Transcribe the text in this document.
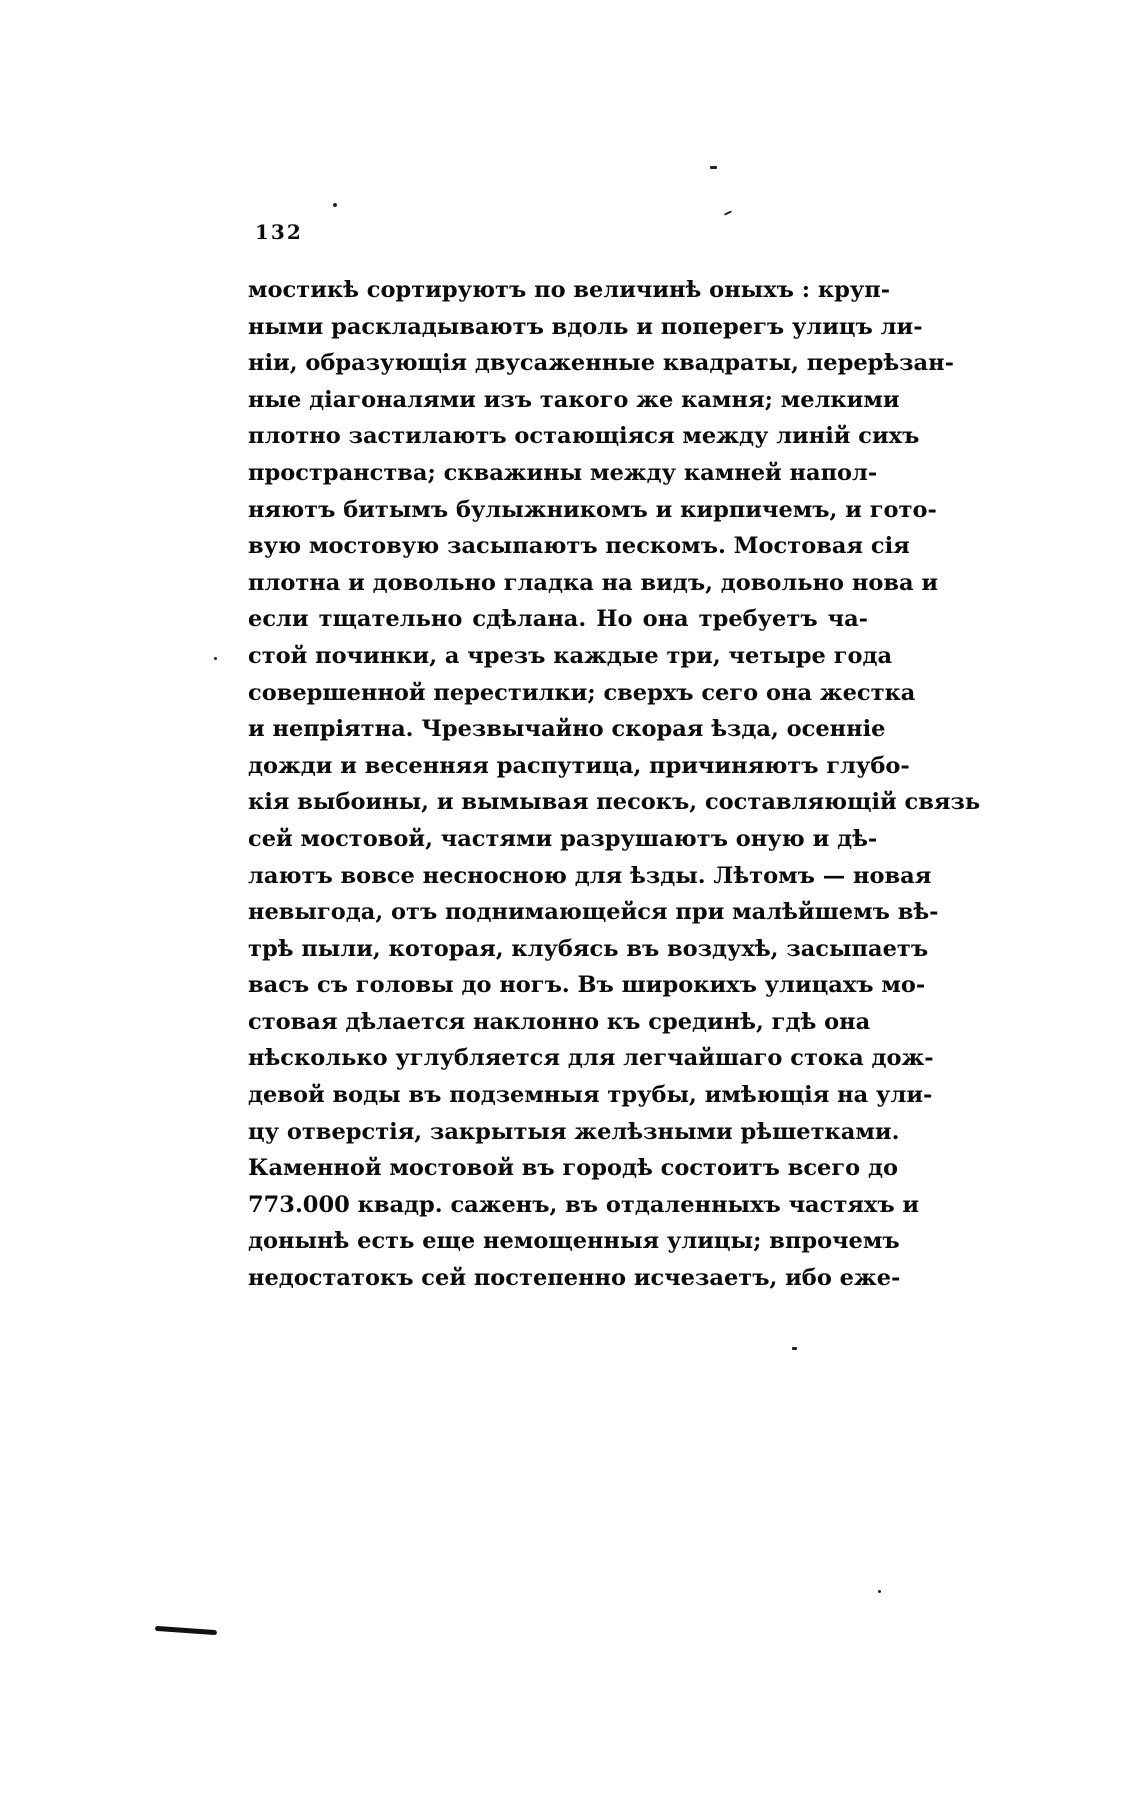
132
мостикѣ сортируютъ по величинѣ оныхъ : круп-
ными раскладываютъ вдоль и поперегъ улицъ ли-
ніи, образующія двусаженные квадраты, перерѣзан-
ные діагоналями изъ такого же камня; мелкими
плотно застилаютъ остающіяся между линій сихъ
пространства; скважины между камней напол-
няютъ битымъ булыжникомъ и кирпичемъ, и гото-
вую мостовую засыпаютъ пескомъ. Мостовая сія
плотна и довольно гладка на видъ, довольно нова и
если тщательно сдѣлана. Но она требуетъ ча-
стой починки, а чрезъ каждые три, четыре года
совершенной перестилки; сверхъ сего она жестка
и непріятна. Чрезвычайно скорая ѣзда, осенніе
дожди и весенняя распутица, причиняютъ глубо-
кія выбоины, и вымывая песокъ, составляющій связь
сей мостовой, частями разрушаютъ оную и дѣ-
лаютъ вовсе несносною для ѣзды. Лѣтомъ — новая
невыгода, отъ поднимающейся при малѣйшемъ вѣ-
трѣ пыли, которая, клубясь въ воздухѣ, засыпаетъ
васъ съ головы до ногъ. Въ широкихъ улицахъ мо-
стовая дѣлается наклонно къ срединѣ, гдѣ она
нѣсколько углубляется для легчайшаго стока дож-
девой воды въ подземныя трубы, имѣющія на ули-
цу отверстія, закрытыя желѣзными рѣшетками.
Каменной мостовой въ городѣ состоитъ всего до
773.000 квадр. саженъ, въ отдаленныхъ частяхъ и
донынѣ есть еще немощенныя улицы; впрочемъ
недостатокъ сей постепенно исчезаетъ, ибо еже-
